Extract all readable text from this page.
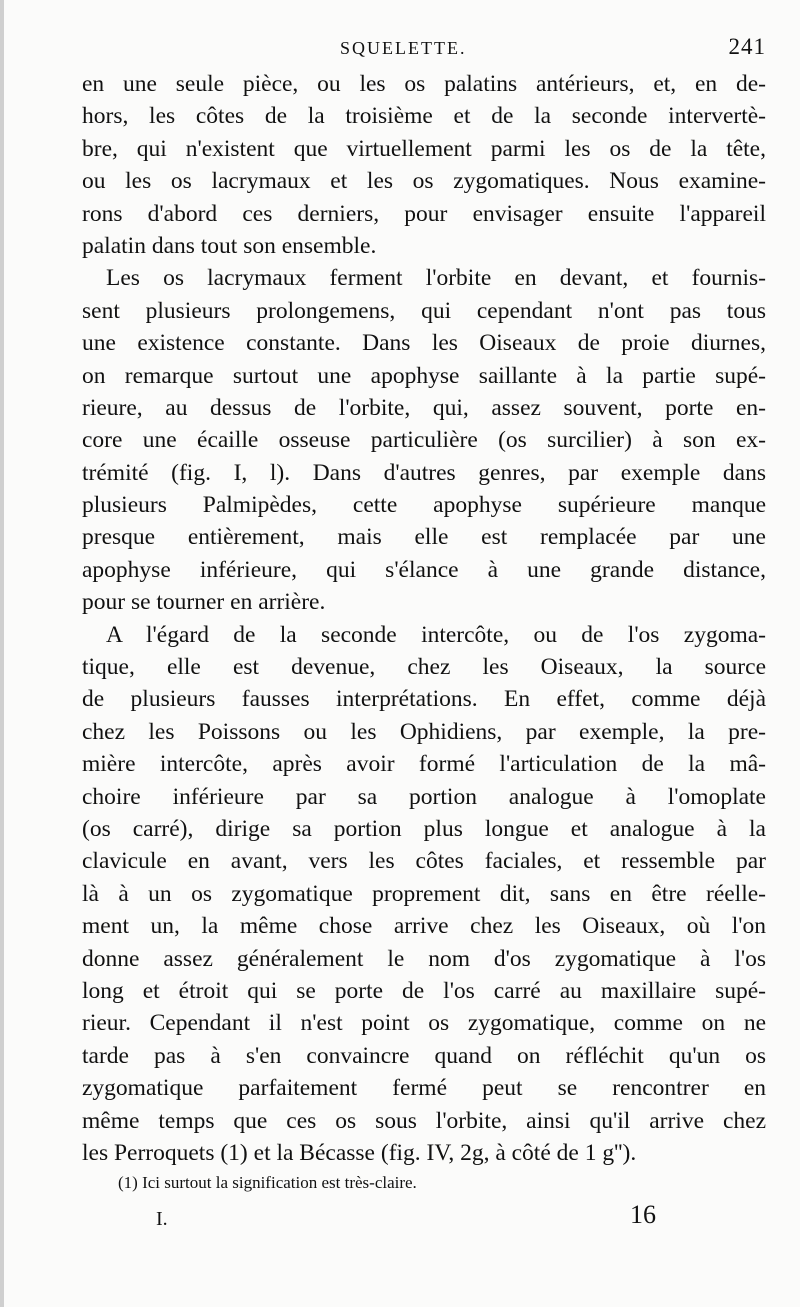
SQUELETTE.	241
en une seule pièce, ou les os palatins antérieurs, et, en de-
hors, les côtes de la troisième et de la seconde intervertè-
bre, qui n'existent que virtuellement parmi les os de la tête,
ou les os lacrymaux et les os zygomatiques. Nous examine-
rons d'abord ces derniers, pour envisager ensuite l'appareil
palatin dans tout son ensemble.
Les os lacrymaux ferment l'orbite en devant, et fournis-
sent plusieurs prolongemens, qui cependant n'ont pas tous
une existence constante. Dans les Oiseaux de proie diurnes,
on remarque surtout une apophyse saillante à la partie supé-
rieure, au dessus de l'orbite, qui, assez souvent, porte en-
core une écaille osseuse particulière (os surcilier) à son ex-
trémité (fig. I, l). Dans d'autres genres, par exemple dans
plusieurs Palmipèdes, cette apophyse supérieure manque
presque entièrement, mais elle est remplacée par une
apophyse inférieure, qui s'élance à une grande distance,
pour se tourner en arrière.
A l'égard de la seconde intercôte, ou de l'os zygoma-
tique, elle est devenue, chez les Oiseaux, la source
de plusieurs fausses interprétations. En effet, comme déjà
chez les Poissons ou les Ophidiens, par exemple, la pre-
mière intercôte, après avoir formé l'articulation de la mâ-
choire inférieure par sa portion analogue à l'omoplate
(os carré), dirige sa portion plus longue et analogue à la
clavicule en avant, vers les côtes faciales, et ressemble par
là à un os zygomatique proprement dit, sans en être réelle-
ment un, la même chose arrive chez les Oiseaux, où l'on
donne assez généralement le nom d'os zygomatique à l'os
long et étroit qui se porte de l'os carré au maxillaire supé-
rieur. Cependant il n'est point os zygomatique, comme on ne
tarde pas à s'en convaincre quand on réfléchit qu'un os
zygomatique parfaitement fermé peut se rencontrer en
même temps que ces os sous l'orbite, ainsi qu'il arrive chez
les Perroquets (1) et la Bécasse (fig. IV, 2g, à côté de 1 g'').
(1) Ici surtout la signification est très-claire.
I.	16
